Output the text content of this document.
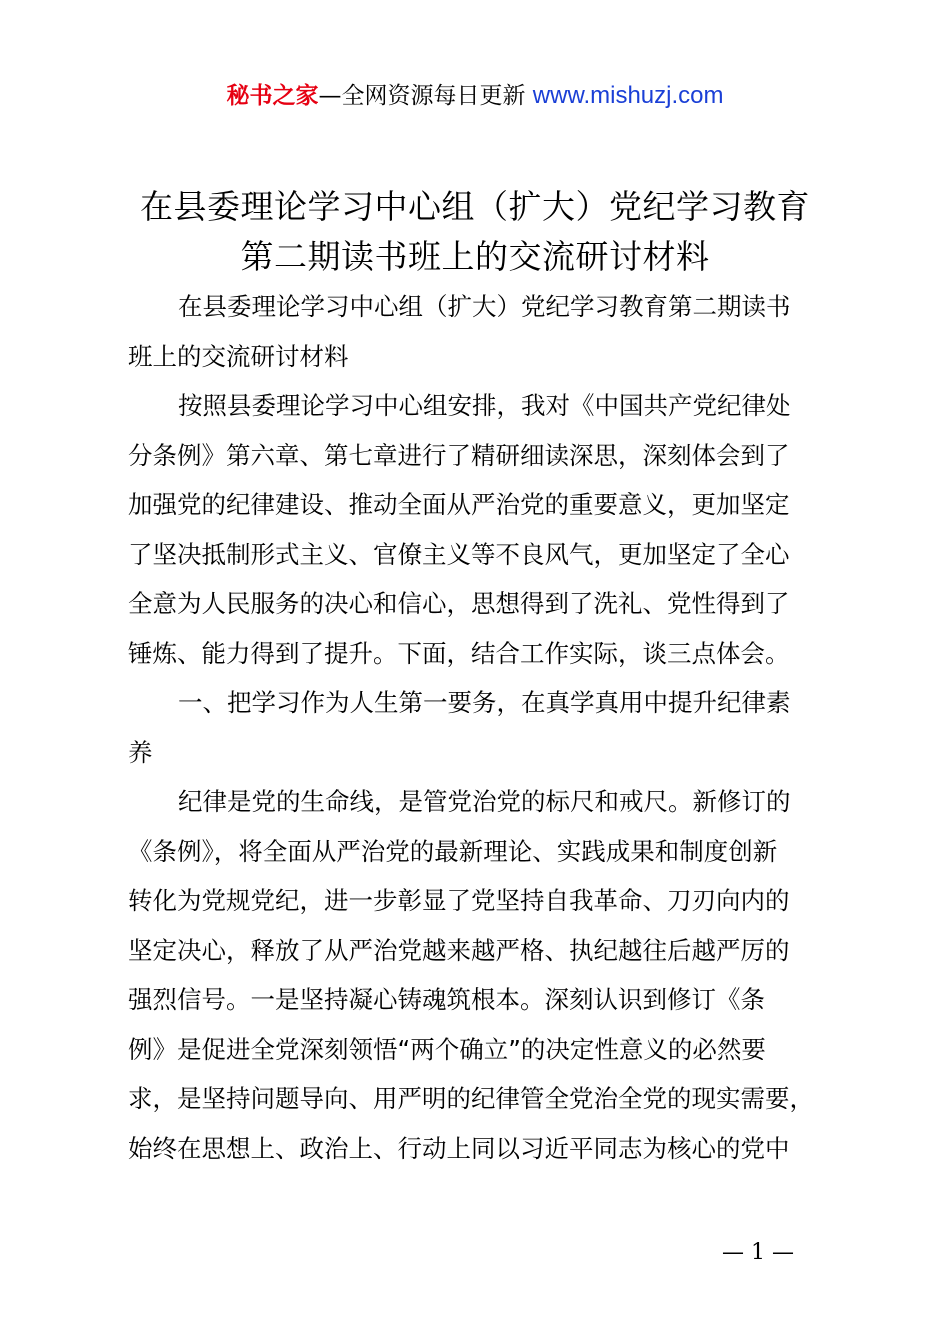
秘书之家—全网资源每日更新 www.mishuzj.com
在县委理论学习中心组（扩大）党纪学习教育
第二期读书班上的交流研讨材料
在县委理论学习中心组（扩大）党纪学习教育第二期读书
班上的交流研讨材料
按照县委理论学习中心组安排，我对《中国共产党纪律处
分条例》第六章、第七章进行了精研细读深思，深刻体会到了
加强党的纪律建设、推动全面从严治党的重要意义，更加坚定
了坚决抵制形式主义、官僚主义等不良风气，更加坚定了全心
全意为人民服务的决心和信心，思想得到了洗礼、党性得到了
锤炼、能力得到了提升。下面，结合工作实际，谈三点体会。
一、把学习作为人生第一要务，在真学真用中提升纪律素
养
纪律是党的生命线，是管党治党的标尺和戒尺。新修订的
《条例》，将全面从严治党的最新理论、实践成果和制度创新
转化为党规党纪，进一步彰显了党坚持自我革命、刀刃向内的
坚定决心，释放了从严治党越来越严格、执纪越往后越严厉的
强烈信号。一是坚持凝心铸魂筑根本。深刻认识到修订《条
例》是促进全党深刻领悟“两个确立”的决定性意义的必然要
求，是坚持问题导向、用严明的纪律管全党治全党的现实需要，
始终在思想上、政治上、行动上同以习近平同志为核心的党中
— 1 —
